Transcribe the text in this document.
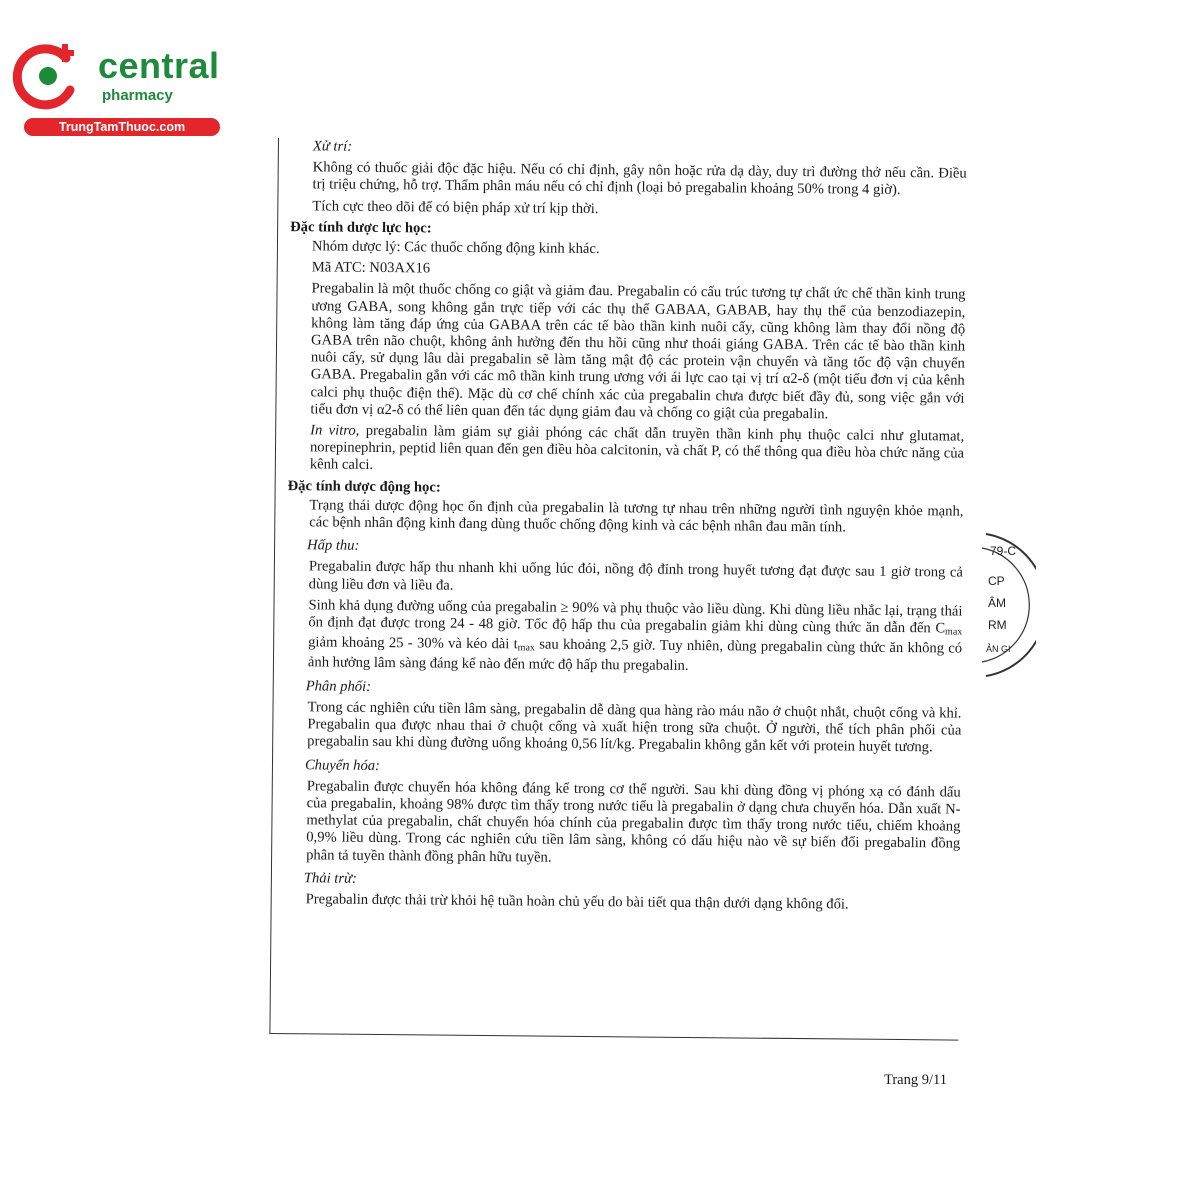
central
pharmacy
TrungTamThuoc.com

Xử trí:

Không có thuốc giải độc đặc hiệu. Nếu có chỉ định, gây nôn hoặc rửa dạ dày, duy trì đường thở nếu cần. Điều trị triệu chứng, hỗ trợ. Thẩm phân máu nếu có chỉ định (loại bỏ pregabalin khoảng 50% trong 4 giờ).

Tích cực theo dõi để có biện pháp xử trí kịp thời.

Đặc tính dược lực học:

Nhóm dược lý: Các thuốc chống động kinh khác.

Mã ATC: N03AX16

Pregabalin là một thuốc chống co giật và giảm đau. Pregabalin có cấu trúc tương tự chất ức chế thần kinh trung ương GABA, song không gắn trực tiếp với các thụ thể GABAA, GABAB, hay thụ thể của benzodiazepin, không làm tăng đáp ứng của GABAA trên các tế bào thần kinh nuôi cấy, cũng không làm thay đổi nồng độ GABA trên não chuột, không ảnh hưởng đến thu hồi cũng như thoái giáng GABA. Trên các tế bào thần kinh nuôi cấy, sử dụng lâu dài pregabalin sẽ làm tăng mật độ các protein vận chuyển và tăng tốc độ vận chuyển GABA. Pregabalin gắn với các mô thần kinh trung ương với ái lực cao tại vị trí α2-δ (một tiểu đơn vị của kênh calci phụ thuộc điện thế). Mặc dù cơ chế chính xác của pregabalin chưa được biết đầy đủ, song việc gắn với tiểu đơn vị α2-δ có thể liên quan đến tác dụng giảm đau và chống co giật của pregabalin.

In vitro, pregabalin làm giảm sự giải phóng các chất dẫn truyền thần kinh phụ thuộc calci như glutamat, norepinephrin, peptid liên quan đến gen điều hòa calcitonin, và chất P, có thể thông qua điều hòa chức năng của kênh calci.

Đặc tính dược động học:

Trạng thái dược động học ổn định của pregabalin là tương tự nhau trên những người tình nguyện khỏe mạnh, các bệnh nhân động kinh đang dùng thuốc chống động kinh và các bệnh nhân đau mãn tính.

Hấp thu:

Pregabalin được hấp thu nhanh khi uống lúc đói, nồng độ đỉnh trong huyết tương đạt được sau 1 giờ trong cả dùng liều đơn và liều đa.

Sinh khả dụng đường uống của pregabalin ≥ 90% và phụ thuộc vào liều dùng. Khi dùng liều nhắc lại, trạng thái ổn định đạt được trong 24 - 48 giờ. Tốc độ hấp thu của pregabalin giảm khi dùng cùng thức ăn dẫn đến Cmax giảm khoảng 25 - 30% và kéo dài tmax sau khoảng 2,5 giờ. Tuy nhiên, dùng pregabalin cùng thức ăn không có ảnh hưởng lâm sàng đáng kể nào đến mức độ hấp thu pregabalin.

Phân phối:

Trong các nghiên cứu tiền lâm sàng, pregabalin dễ dàng qua hàng rào máu não ở chuột nhắt, chuột cống và khỉ. Pregabalin qua được nhau thai ở chuột cống và xuất hiện trong sữa chuột. Ở người, thể tích phân phối của pregabalin sau khi dùng đường uống khoảng 0,56 lít/kg. Pregabalin không gắn kết với protein huyết tương.

Chuyển hóa:

Pregabalin được chuyển hóa không đáng kể trong cơ thể người. Sau khi dùng đồng vị phóng xạ có đánh dấu của pregabalin, khoảng 98% được tìm thấy trong nước tiểu là pregabalin ở dạng chưa chuyển hóa. Dẫn xuất N-methylat của pregabalin, chất chuyển hóa chính của pregabalin được tìm thấy trong nước tiểu, chiếm khoảng 0,9% liều dùng. Trong các nghiên cứu tiền lâm sàng, không có dấu hiệu nào về sự biến đổi pregabalin đồng phân tả tuyền thành đồng phân hữu tuyền.

Thải trừ:

Pregabalin được thải trừ khỏi hệ tuần hoàn chủ yếu do bài tiết qua thận dưới dạng không đổi.

79-C
CP
ÂM
RM
ẢN GI
Trang 9/11
